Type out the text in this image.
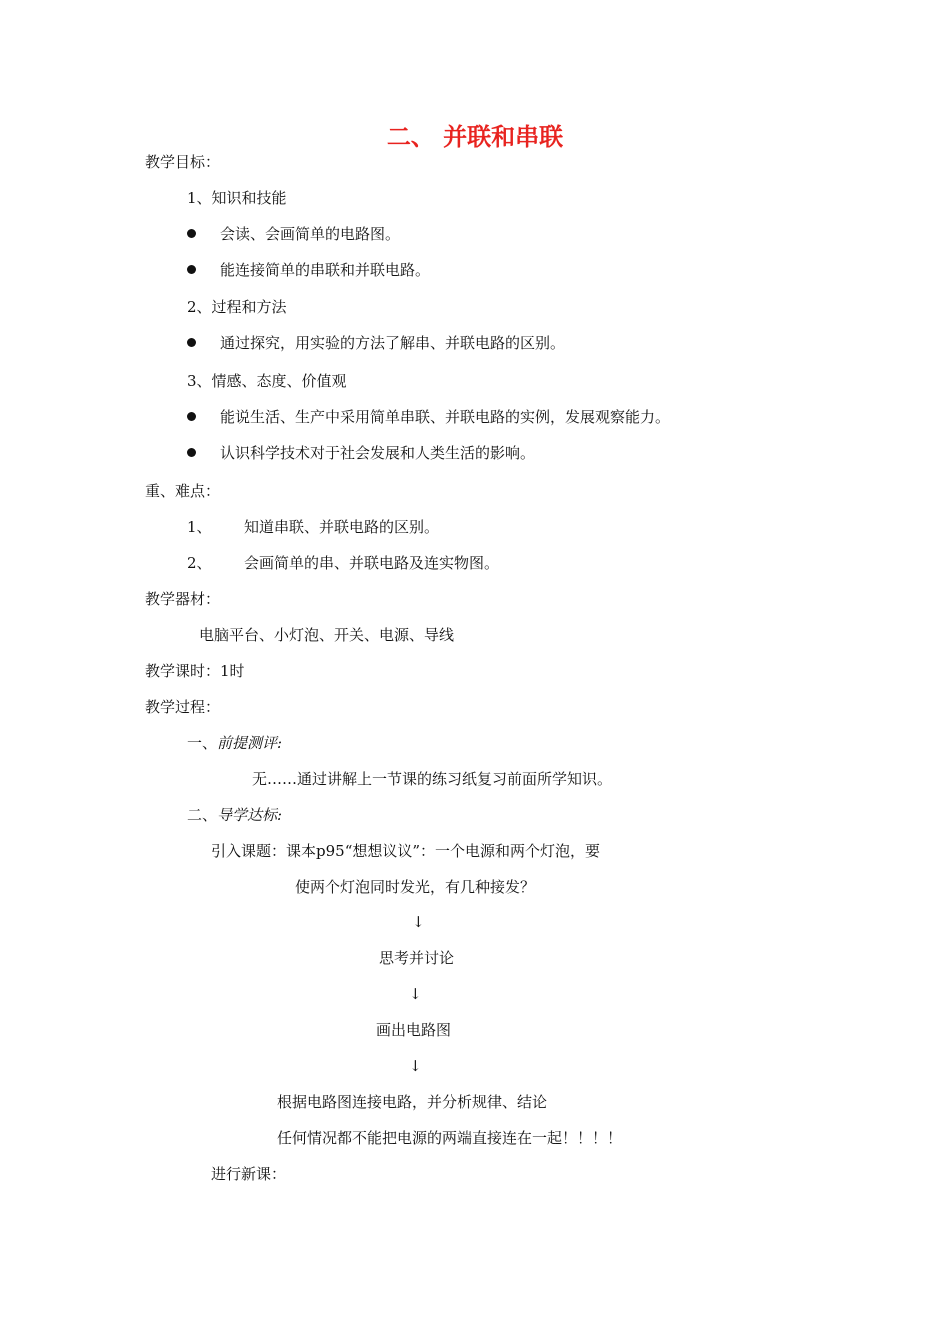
二、 并联和串联
教学目标：
1、知识和技能
会读、会画简单的电路图。
能连接简单的串联和并联电路。
2、过程和方法
通过探究，用实验的方法了解串、并联电路的区别。
3、情感、态度、价值观
能说生活、生产中采用简单串联、并联电路的实例，发展观察能力。
认识科学技术对于社会发展和人类生活的影响。
重、难点：
1、 知道串联、并联电路的区别。
2、 会画简单的串、并联电路及连实物图。
教学器材：
电脑平台、小灯泡、开关、电源、导线
教学课时：1时
教学过程：
一、前提测评:
无……通过讲解上一节课的练习纸复习前面所学知识。
二、导学达标:
引入课题：课本p95“想想议议”：一个电源和两个灯泡，要
使两个灯泡同时发光，有几种接发？
↓
思考并讨论
↓
画出电路图
↓
根据电路图连接电路，并分析规律、结论
任何情况都不能把电源的两端直接连在一起！！！！
进行新课：
